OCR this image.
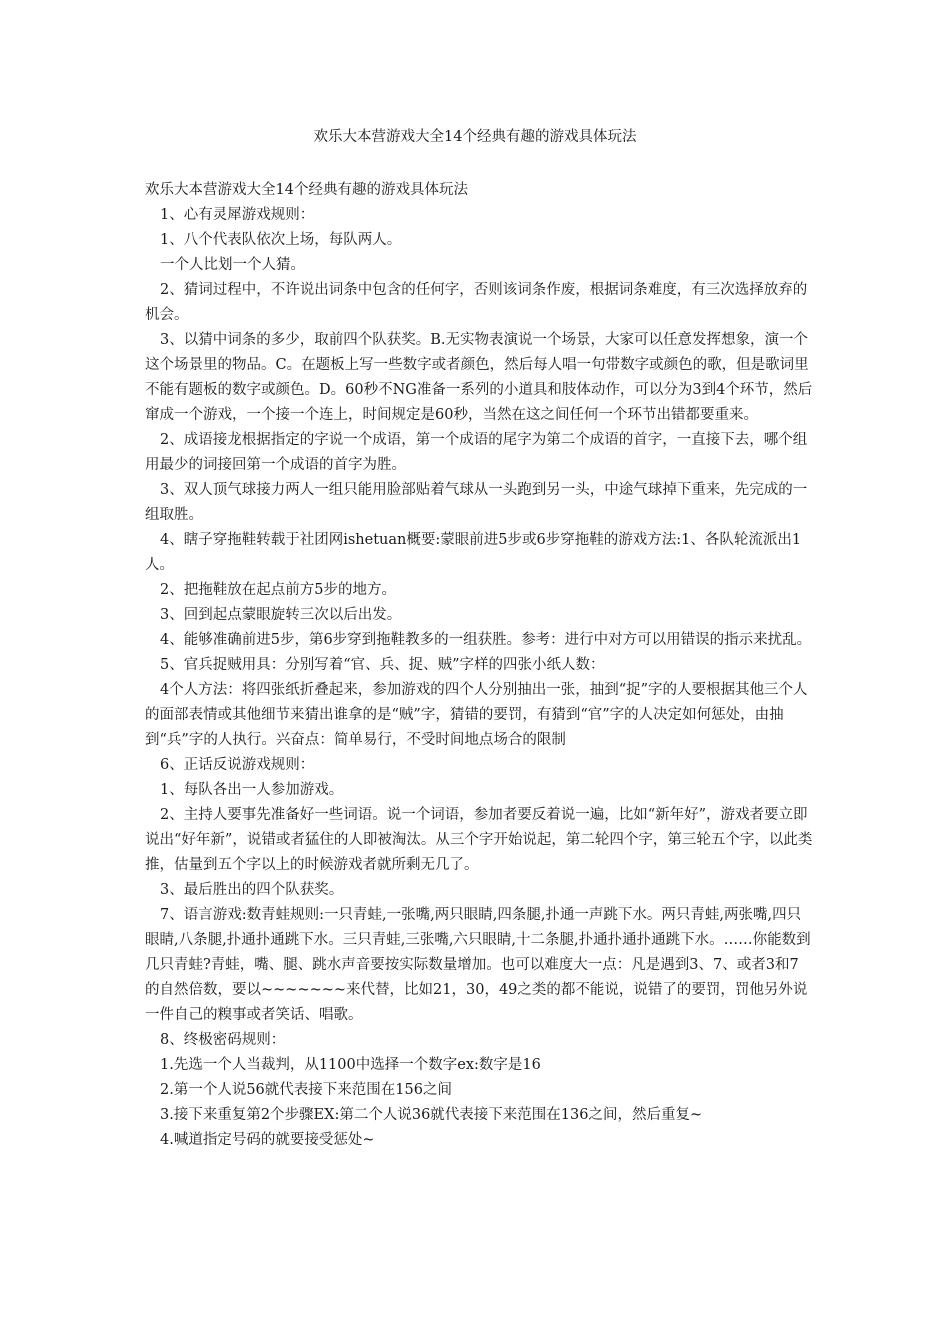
欢乐大本营游戏大全14个经典有趣的游戏具体玩法

欢乐大本营游戏大全14个经典有趣的游戏具体玩法

1、心有灵犀游戏规则：

1、八个代表队依次上场，每队两人。

一个人比划一个人猜。

2、猜词过程中，不许说出词条中包含的任何字，否则该词条作废，根据词条难度，有三次选择放弃的机会。

3、以猜中词条的多少，取前四个队获奖。B.无实物表演说一个场景，大家可以任意发挥想象，演一个这个场景里的物品。C。在题板上写一些数字或者颜色，然后每人唱一句带数字或颜色的歌，但是歌词里不能有题板的数字或颜色。D。60秒不NG准备一系列的小道具和肢体动作，可以分为3到4个环节，然后窜成一个游戏，一个接一个连上，时间规定是60秒，当然在这之间任何一个环节出错都要重来。

2、成语接龙根据指定的字说一个成语，第一个成语的尾字为第二个成语的首字，一直接下去，哪个组用最少的词接回第一个成语的首字为胜。

3、双人顶气球接力两人一组只能用脸部贴着气球从一头跑到另一头，中途气球掉下重来，先完成的一组取胜。

4、瞎子穿拖鞋转载于社团网ishetuan概要:蒙眼前进5步或6步穿拖鞋的游戏方法:1、各队轮流派出1人。

2、把拖鞋放在起点前方5步的地方。

3、回到起点蒙眼旋转三次以后出发。

4、能够准确前进5步，第6步穿到拖鞋教多的一组获胜。参考：进行中对方可以用错误的指示来扰乱。

5、官兵捉贼用具：分别写着“官、兵、捉、贼”字样的四张小纸人数：

4个人方法：将四张纸折叠起来，参加游戏的四个人分别抽出一张，抽到“捉”字的人要根据其他三个人的面部表情或其他细节来猜出谁拿的是“贼”字，猜错的要罚，有猜到“官”字的人决定如何惩处，由抽到“兵”字的人执行。兴奋点：简单易行，不受时间地点场合的限制

6、正话反说游戏规则：

1、每队各出一人参加游戏。

2、主持人要事先准备好一些词语。说一个词语，参加者要反着说一遍，比如“新年好”，游戏者要立即说出“好年新”，说错或者猛住的人即被淘汰。从三个字开始说起，第二轮四个字，第三轮五个字，以此类推，估量到五个字以上的时候游戏者就所剩无几了。

3、最后胜出的四个队获奖。

7、语言游戏:数青蛙规则:一只青蛙,一张嘴,两只眼睛,四条腿,扑通一声跳下水。两只青蛙,两张嘴,四只眼睛,八条腿,扑通扑通跳下水。三只青蛙,三张嘴,六只眼睛,十二条腿,扑通扑通扑通跳下水。……你能数到几只青蛙?青蛙，嘴、腿、跳水声音要按实际数量增加。也可以难度大一点：凡是遇到3、7、或者3和7的自然倍数，要以~~~~~~~来代替，比如21，30，49之类的都不能说，说错了的要罚，罚他另外说一件自己的糗事或者笑话、唱歌。

8、终极密码规则：

1.先选一个人当裁判，从1100中选择一个数字ex:数字是16

2.第一个人说56就代表接下来范围在156之间

3.接下来重复第2个步骤EX:第二个人说36就代表接下来范围在136之间，然后重复~

4.喊道指定号码的就要接受惩处~
